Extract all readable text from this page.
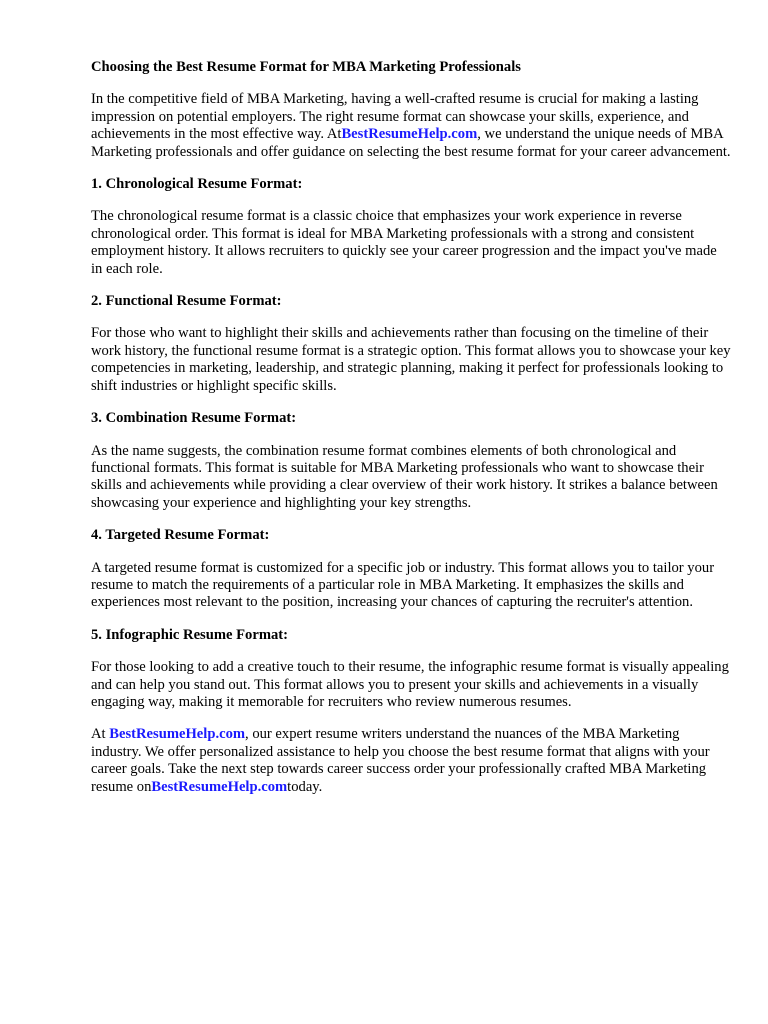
Choosing the Best Resume Format for MBA Marketing Professionals

In the competitive field of MBA Marketing, having a well-crafted resume is crucial for making a lasting impression on potential employers. The right resume format can showcase your skills, experience, and achievements in the most effective way. AtBestResumeHelp.com, we understand the unique needs of MBA Marketing professionals and offer guidance on selecting the best resume format for your career advancement.

1. Chronological Resume Format:

The chronological resume format is a classic choice that emphasizes your work experience in reverse chronological order. This format is ideal for MBA Marketing professionals with a strong and consistent employment history. It allows recruiters to quickly see your career progression and the impact you've made in each role.

2. Functional Resume Format:

For those who want to highlight their skills and achievements rather than focusing on the timeline of their work history, the functional resume format is a strategic option. This format allows you to showcase your key competencies in marketing, leadership, and strategic planning, making it perfect for professionals looking to shift industries or highlight specific skills.

3. Combination Resume Format:

As the name suggests, the combination resume format combines elements of both chronological and functional formats. This format is suitable for MBA Marketing professionals who want to showcase their skills and achievements while providing a clear overview of their work history. It strikes a balance between showcasing your experience and highlighting your key strengths.

4. Targeted Resume Format:

A targeted resume format is customized for a specific job or industry. This format allows you to tailor your resume to match the requirements of a particular role in MBA Marketing. It emphasizes the skills and experiences most relevant to the position, increasing your chances of capturing the recruiter's attention.

5. Infographic Resume Format:

For those looking to add a creative touch to their resume, the infographic resume format is visually appealing and can help you stand out. This format allows you to present your skills and achievements in a visually engaging way, making it memorable for recruiters who review numerous resumes.

At BestResumeHelp.com, our expert resume writers understand the nuances of the MBA Marketing industry. We offer personalized assistance to help you choose the best resume format that aligns with your career goals. Take the next step towards career success order your professionally crafted MBA Marketing resume onBestResumeHelp.comtoday.
